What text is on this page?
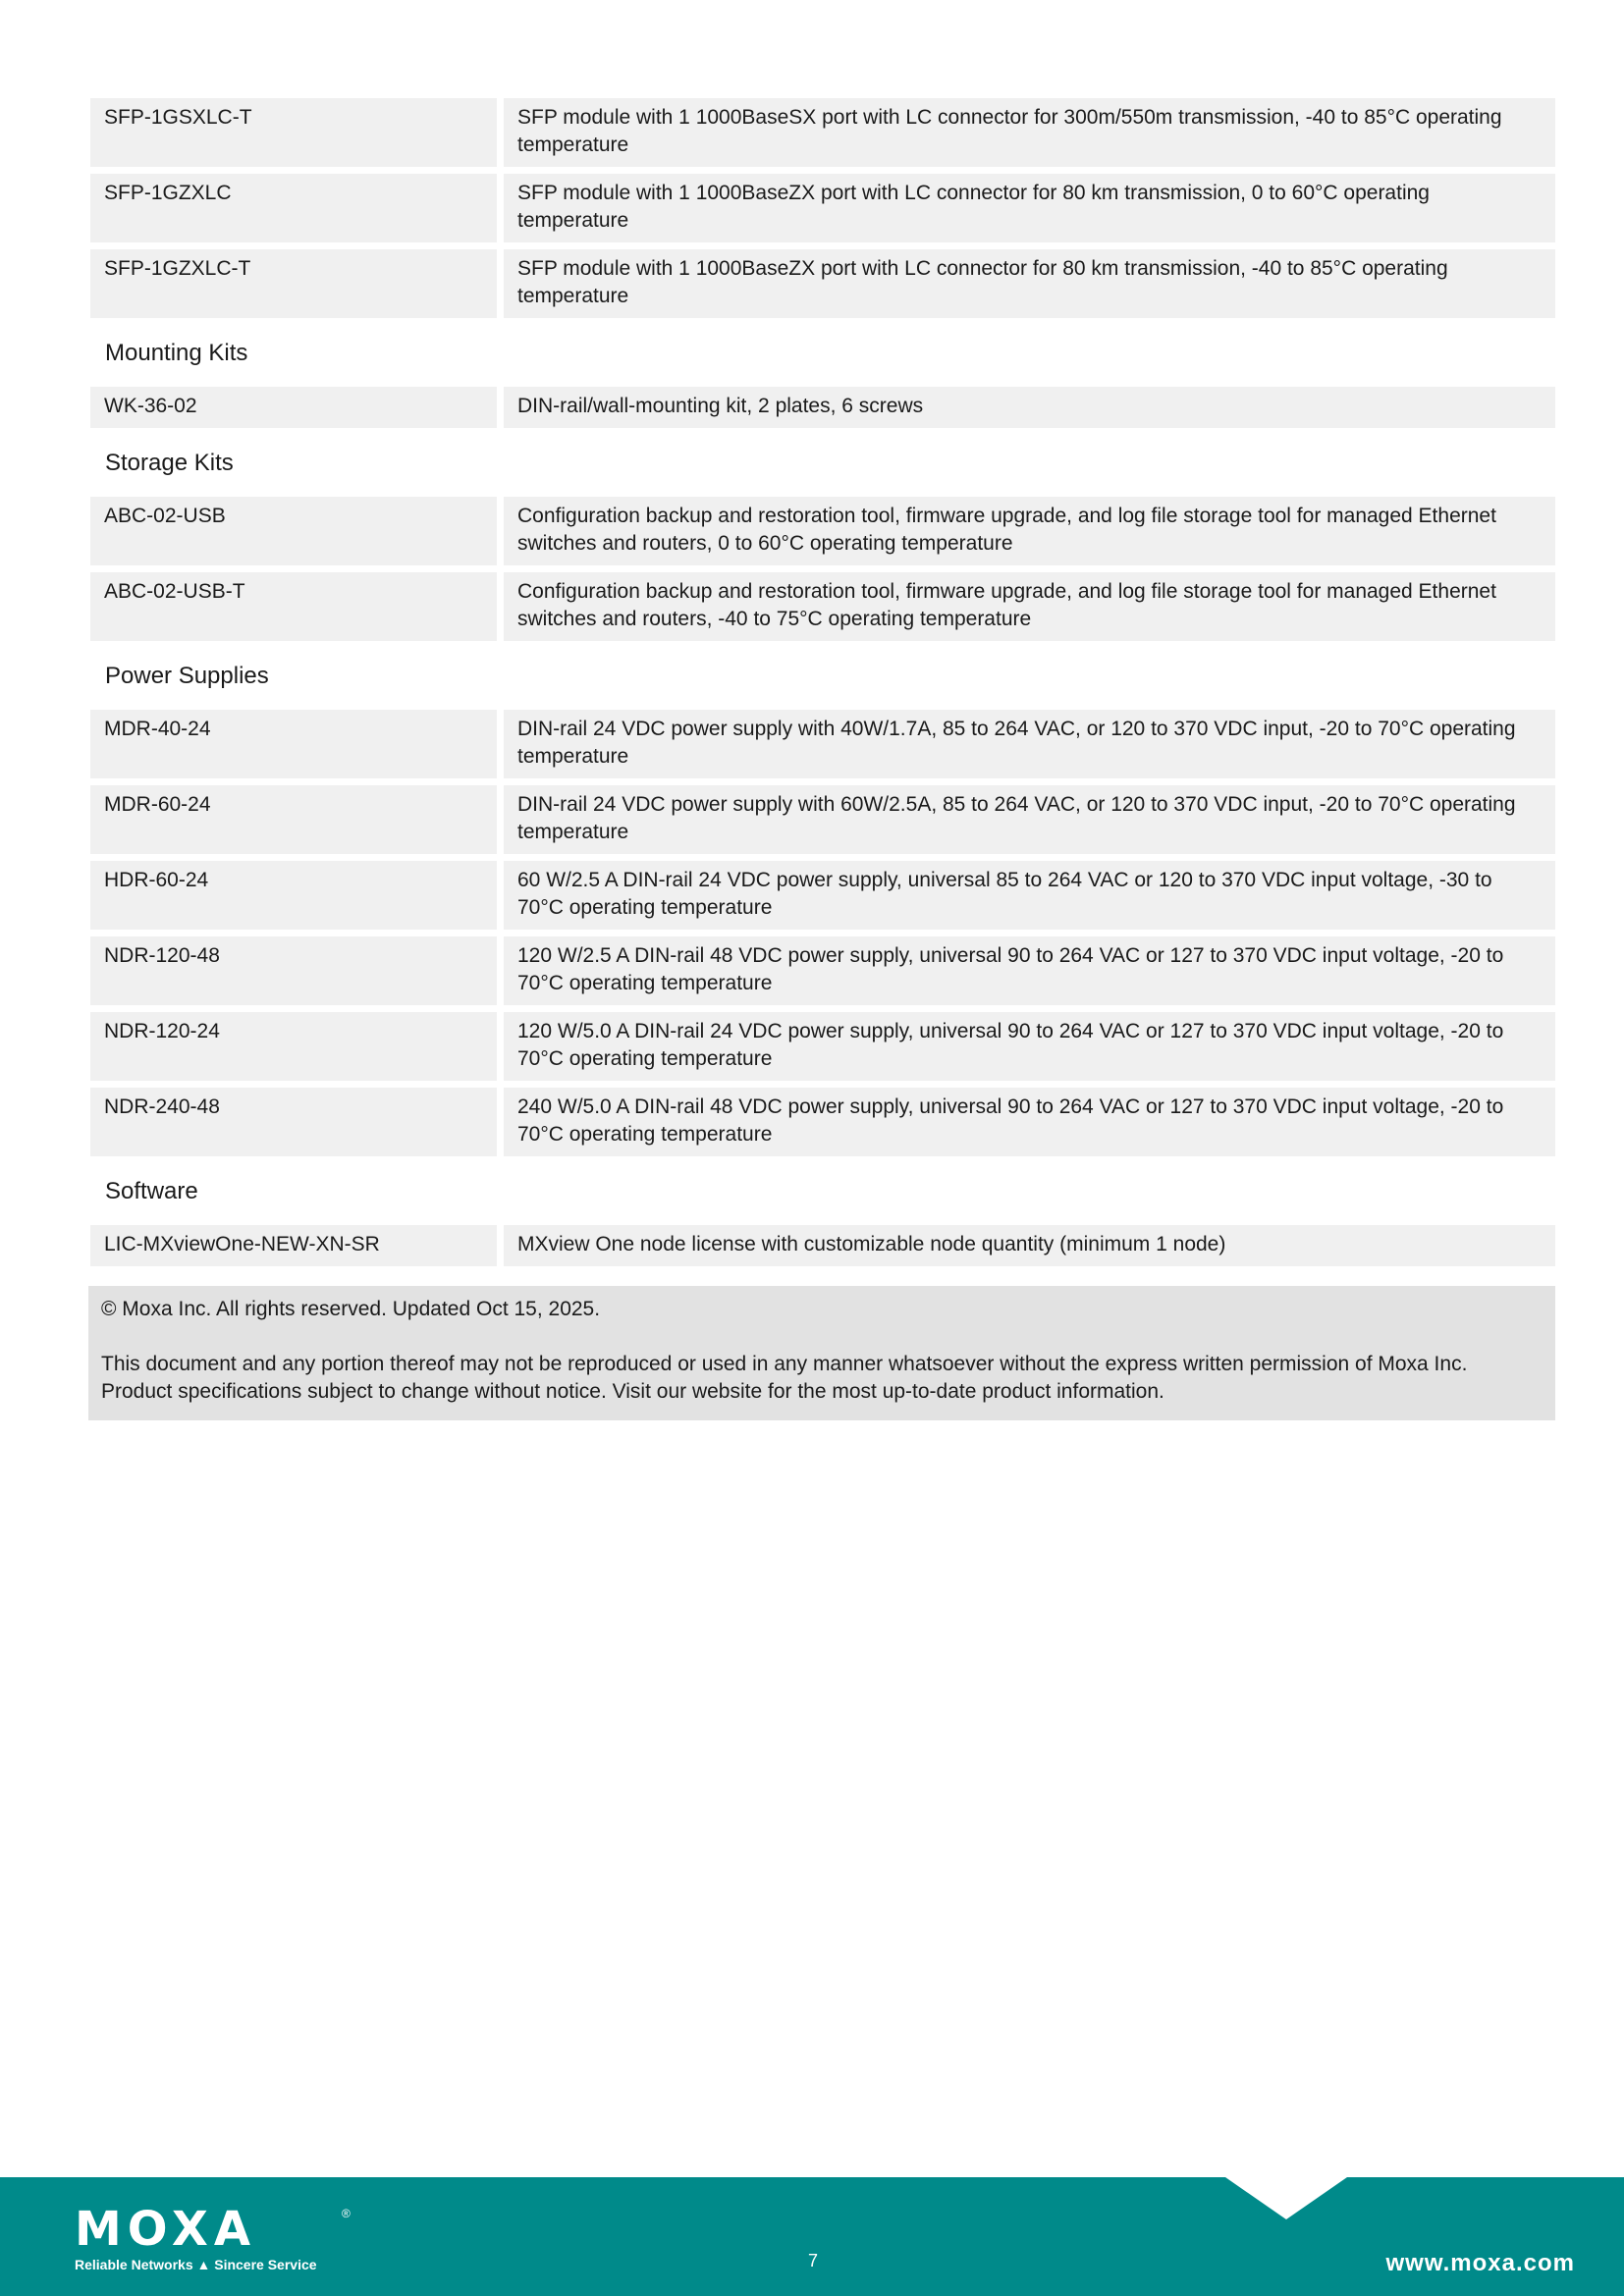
SFP-1GSXLC-T	SFP module with 1 1000BaseSX port with LC connector for 300m/550m transmission, -40 to 85°C operating temperature
SFP-1GZXLC	SFP module with 1 1000BaseZX port with LC connector for 80 km transmission, 0 to 60°C operating temperature
SFP-1GZXLC-T	SFP module with 1 1000BaseZX port with LC connector for 80 km transmission, -40 to 85°C operating temperature
Mounting Kits
WK-36-02	DIN-rail/wall-mounting kit, 2 plates, 6 screws
Storage Kits
ABC-02-USB	Configuration backup and restoration tool, firmware upgrade, and log file storage tool for managed Ethernet switches and routers, 0 to 60°C operating temperature
ABC-02-USB-T	Configuration backup and restoration tool, firmware upgrade, and log file storage tool for managed Ethernet switches and routers, -40 to 75°C operating temperature
Power Supplies
MDR-40-24	DIN-rail 24 VDC power supply with 40W/1.7A, 85 to 264 VAC, or 120 to 370 VDC input, -20 to 70°C operating temperature
MDR-60-24	DIN-rail 24 VDC power supply with 60W/2.5A, 85 to 264 VAC, or 120 to 370 VDC input, -20 to 70°C operating temperature
HDR-60-24	60 W/2.5 A DIN-rail 24 VDC power supply, universal 85 to 264 VAC or 120 to 370 VDC input voltage, -30 to 70°C operating temperature
NDR-120-48	120 W/2.5 A DIN-rail 48 VDC power supply, universal 90 to 264 VAC or 127 to 370 VDC input voltage, -20 to 70°C operating temperature
NDR-120-24	120 W/5.0 A DIN-rail 24 VDC power supply, universal 90 to 264 VAC or 127 to 370 VDC input voltage, -20 to 70°C operating temperature
NDR-240-48	240 W/5.0 A DIN-rail 48 VDC power supply, universal 90 to 264 VAC or 127 to 370 VDC input voltage, -20 to 70°C operating temperature
Software
LIC-MXviewOne-NEW-XN-SR	MXview One node license with customizable node quantity (minimum 1 node)

© Moxa Inc. All rights reserved. Updated Oct 15, 2025.

This document and any portion thereof may not be reproduced or used in any manner whatsoever without the express written permission of Moxa Inc. Product specifications subject to change without notice. Visit our website for the most up-to-date product information.

MOXA	®
Reliable Networks ▲ Sincere Service	7	www.moxa.com
